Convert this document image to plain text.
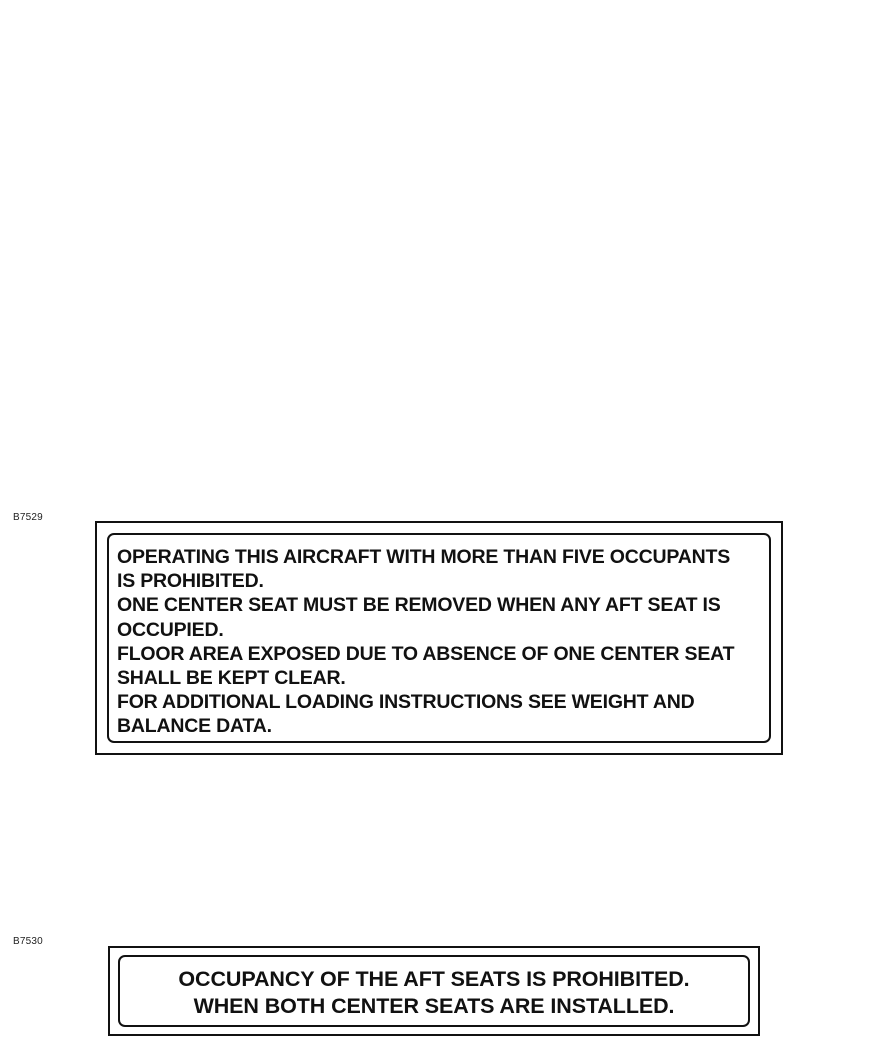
B7529
OPERATING THIS AIRCRAFT WITH MORE THAN FIVE OCCUPANTS
IS PROHIBITED.
ONE CENTER SEAT MUST BE REMOVED WHEN ANY AFT SEAT IS
OCCUPIED.
FLOOR AREA EXPOSED DUE TO ABSENCE OF ONE CENTER SEAT
SHALL BE KEPT CLEAR.
FOR ADDITIONAL LOADING INSTRUCTIONS SEE WEIGHT AND
BALANCE DATA.
B7530
OCCUPANCY OF THE AFT SEATS IS PROHIBITED.
WHEN BOTH CENTER SEATS ARE INSTALLED.
